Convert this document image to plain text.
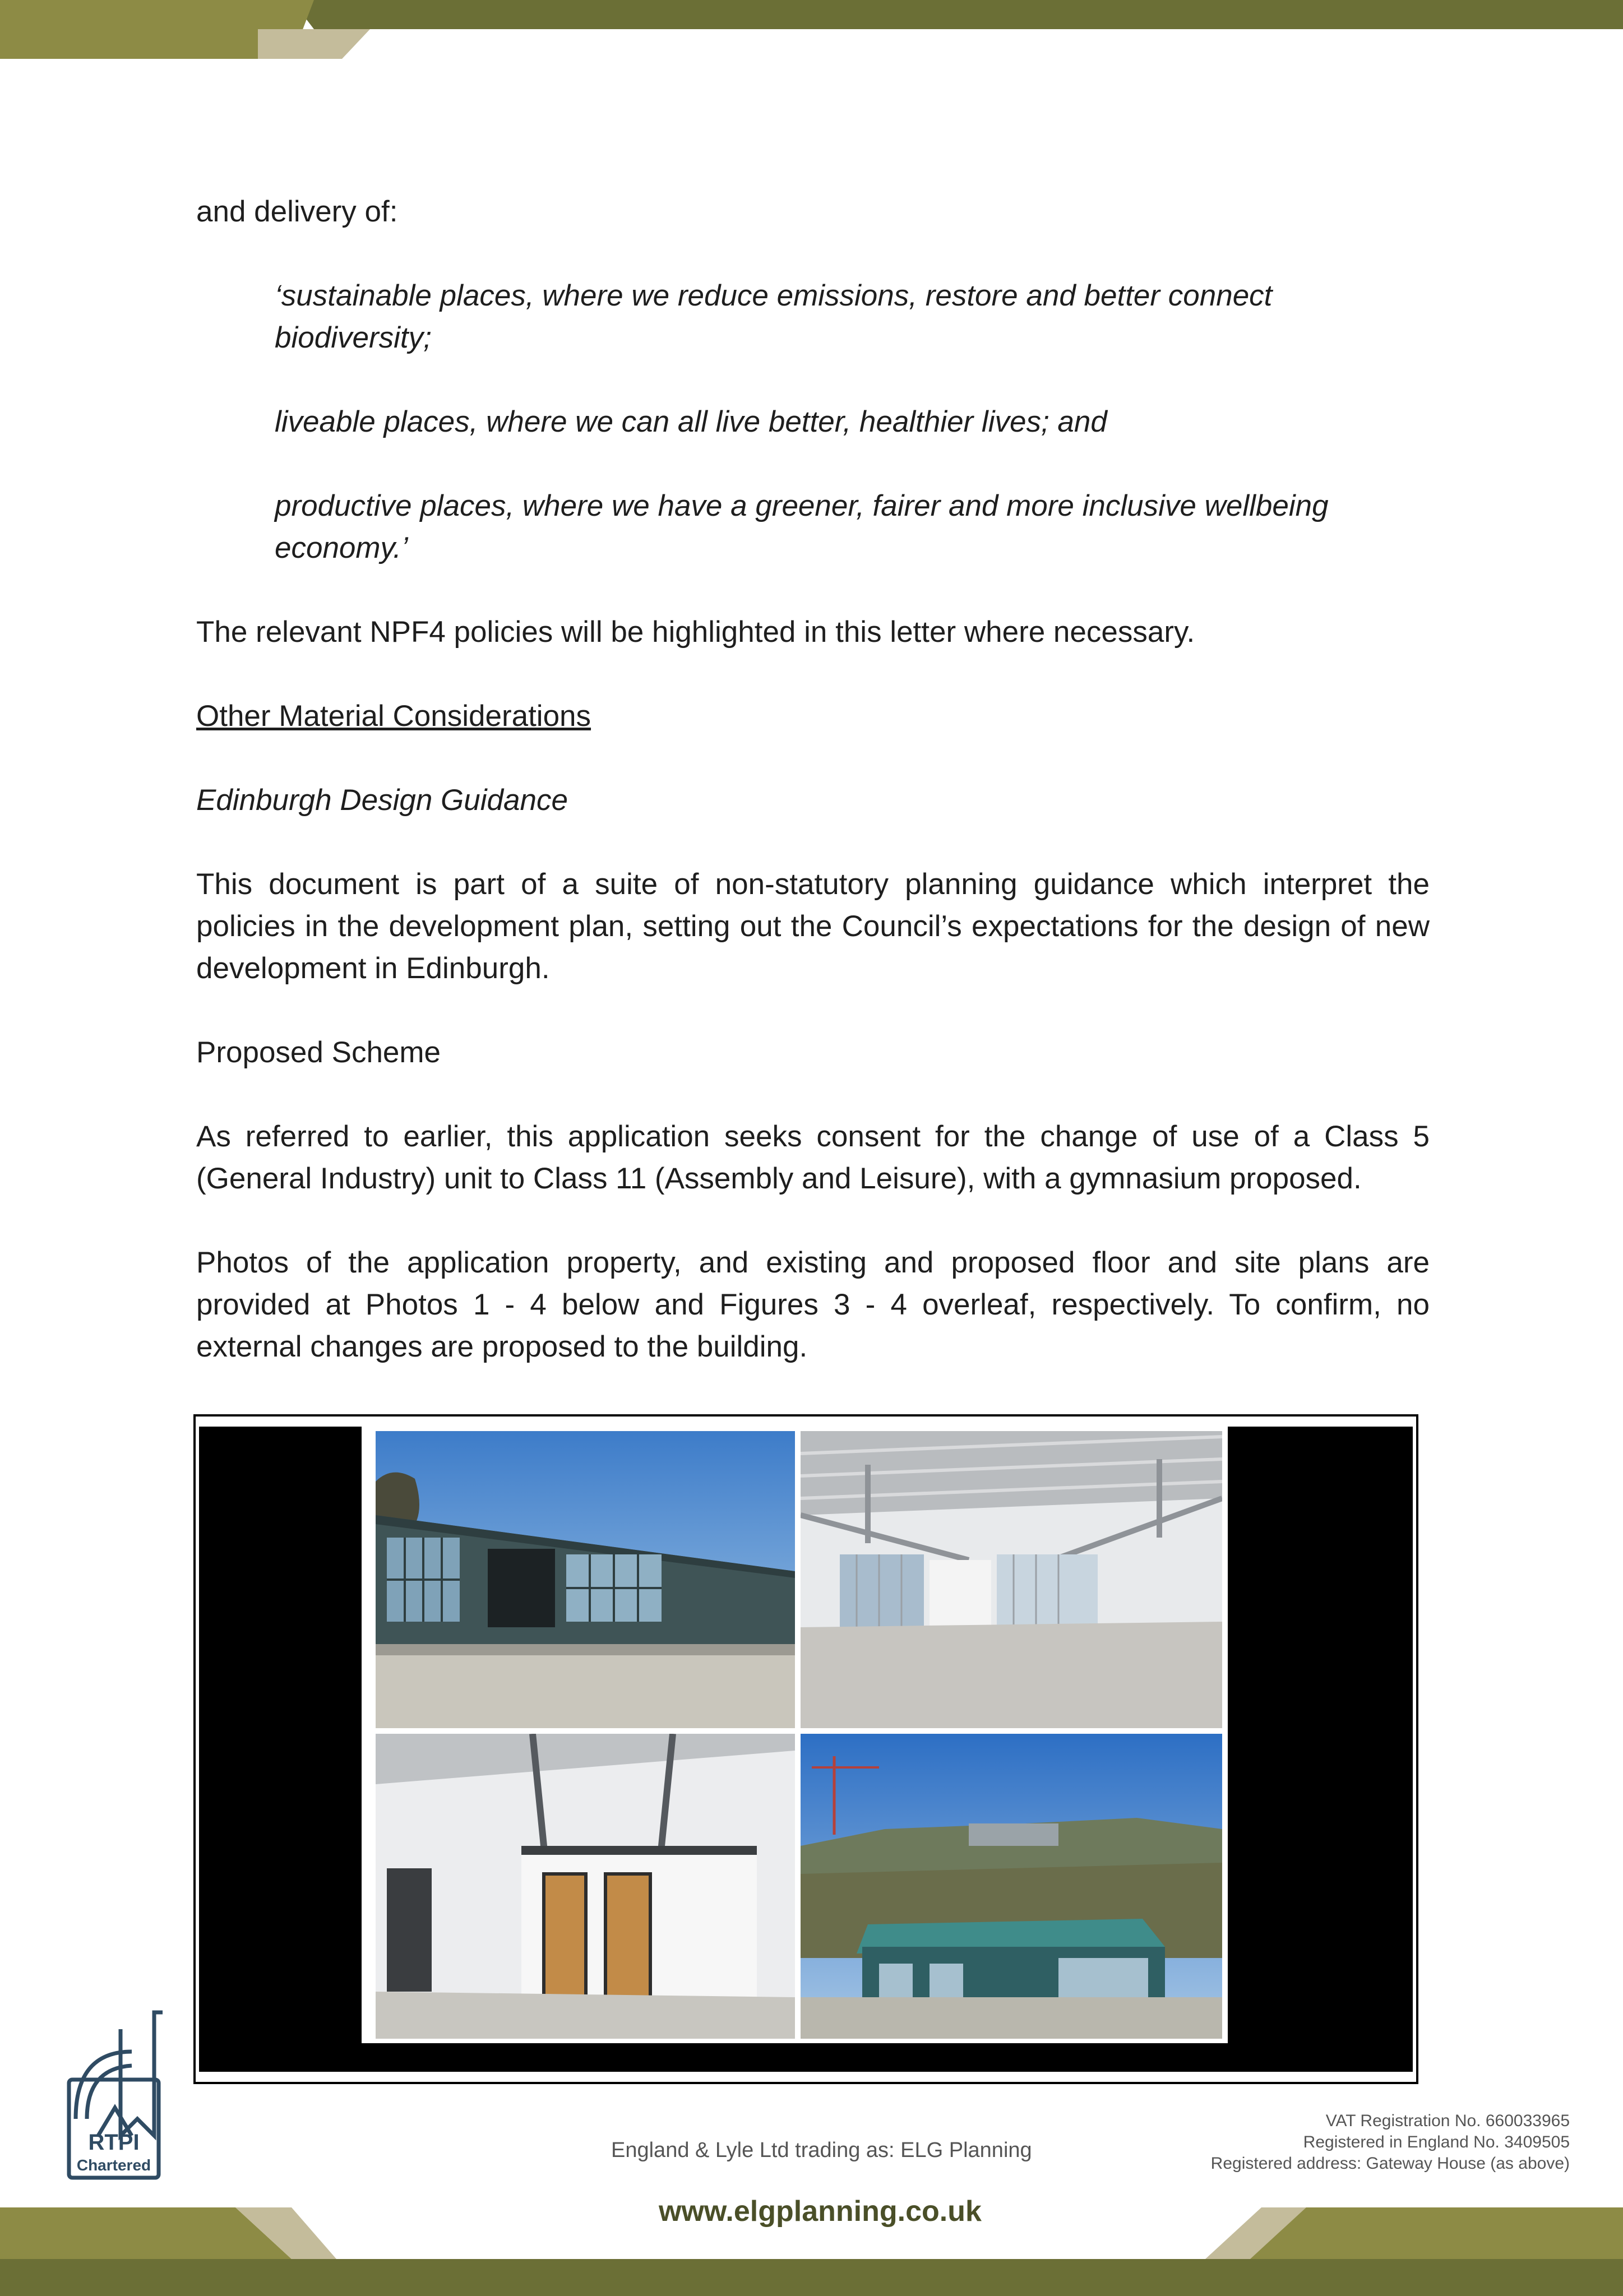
and delivery of:

‘sustainable places, where we reduce emissions, restore and better connect biodiversity;

liveable places, where we can all live better, healthier lives; and

productive places, where we have a greener, fairer and more inclusive wellbeing economy.’

The relevant NPF4 policies will be highlighted in this letter where necessary.

Other Material Considerations

Edinburgh Design Guidance

This document is part of a suite of non-statutory planning guidance which interpret the policies in the development plan, setting out the Council’s expectations for the design of new development in Edinburgh.

Proposed Scheme

As referred to earlier, this application seeks consent for the change of use of a Class 5 (General Industry) unit to Class 11 (Assembly and Leisure), with a gymnasium proposed.

Photos of the application property, and existing and proposed floor and site plans are provided at Photos 1 - 4 below and Figures 3 - 4 overleaf, respectively. To confirm, no external changes are proposed to the building.

RTPI
Chartered
England & Lyle Ltd trading as: ELG Planning
VAT Registration No. 660033965
Registered in England No. 3409505
Registered address: Gateway House (as above)
www.elgplanning.co.uk
